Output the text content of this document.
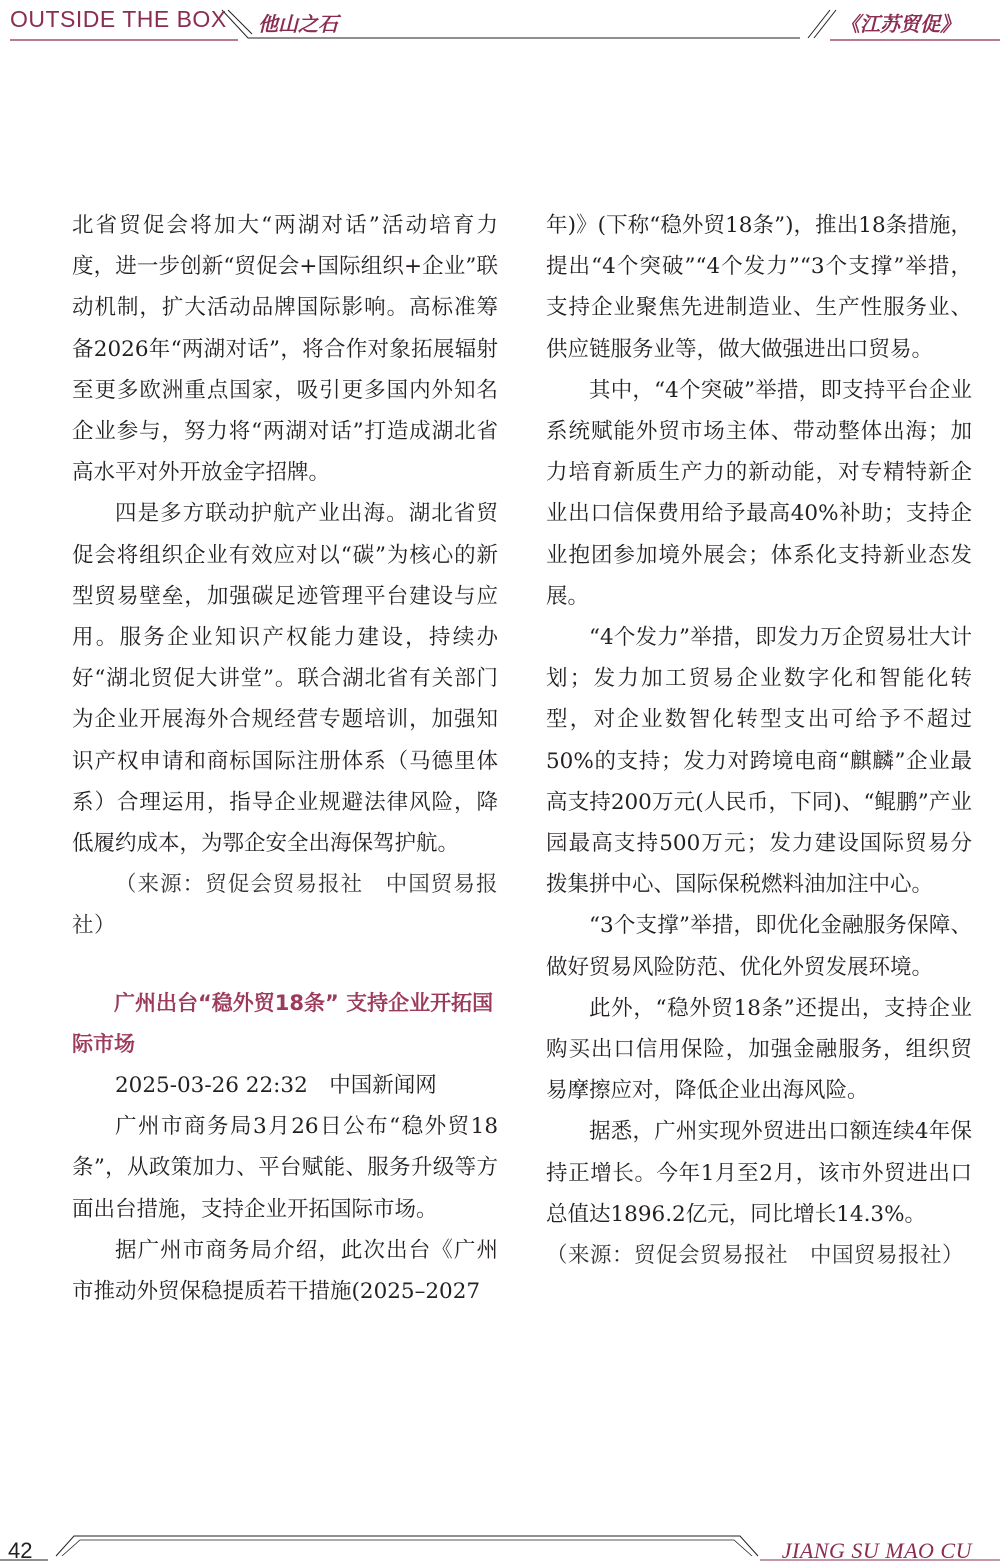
OUTSIDE THE BOX 他山之石	《江苏贸促》

北省贸促会将加大“两湖对话”活动培育力度，进一步创新“贸促会+国际组织+企业”联动机制，扩大活动品牌国际影响。高标准筹备2026年“两湖对话”，将合作对象拓展辐射至更多欧洲重点国家，吸引更多国内外知名企业参与，努力将“两湖对话”打造成湖北省高水平对外开放金字招牌。

四是多方联动护航产业出海。湖北省贸促会将组织企业有效应对以“碳”为核心的新型贸易壁垒，加强碳足迹管理平台建设与应用。服务企业知识产权能力建设，持续办好“湖北贸促大讲堂”。联合湖北省有关部门为企业开展海外合规经营专题培训，加强知识产权申请和商标国际注册体系（马德里体系）合理运用，指导企业规避法律风险，降低履约成本，为鄂企安全出海保驾护航。

（来源：贸促会贸易报社　中国贸易报社）

广州出台“稳外贸18条” 支持企业开拓国际市场

2025-03-26 22:32　中国新闻网

广州市商务局3月26日公布“稳外贸18条”，从政策加力、平台赋能、服务升级等方面出台措施，支持企业开拓国际市场。

据广州市商务局介绍，此次出台《广州市推动外贸保稳提质若干措施(2025–2027

年)》(下称“稳外贸18条”)，推出18条措施，提出“4个突破”“4个发力”“3个支撑”举措，支持企业聚焦先进制造业、生产性服务业、供应链服务业等，做大做强进出口贸易。

其中，“4个突破”举措，即支持平台企业系统赋能外贸市场主体、带动整体出海；加力培育新质生产力的新动能，对专精特新企业出口信保费用给予最高40%补助；支持企业抱团参加境外展会；体系化支持新业态发展。

“4个发力”举措，即发力万企贸易壮大计划；发力加工贸易企业数字化和智能化转型，对企业数智化转型支出可给予不超过50%的支持；发力对跨境电商“麒麟”企业最高支持200万元(人民币，下同)、“鲲鹏”产业园最高支持500万元；发力建设国际贸易分拨集拼中心、国际保税燃料油加注中心。

“3个支撑”举措，即优化金融服务保障、做好贸易风险防范、优化外贸发展环境。

此外，“稳外贸18条”还提出，支持企业购买出口信用保险，加强金融服务，组织贸易摩擦应对，降低企业出海风险。

据悉，广州实现外贸进出口额连续4年保持正增长。今年1月至2月，该市外贸进出口总值达1896.2亿元，同比增长14.3%。

（来源：贸促会贸易报社　中国贸易报社）

42	JIANG SU MAO CU
